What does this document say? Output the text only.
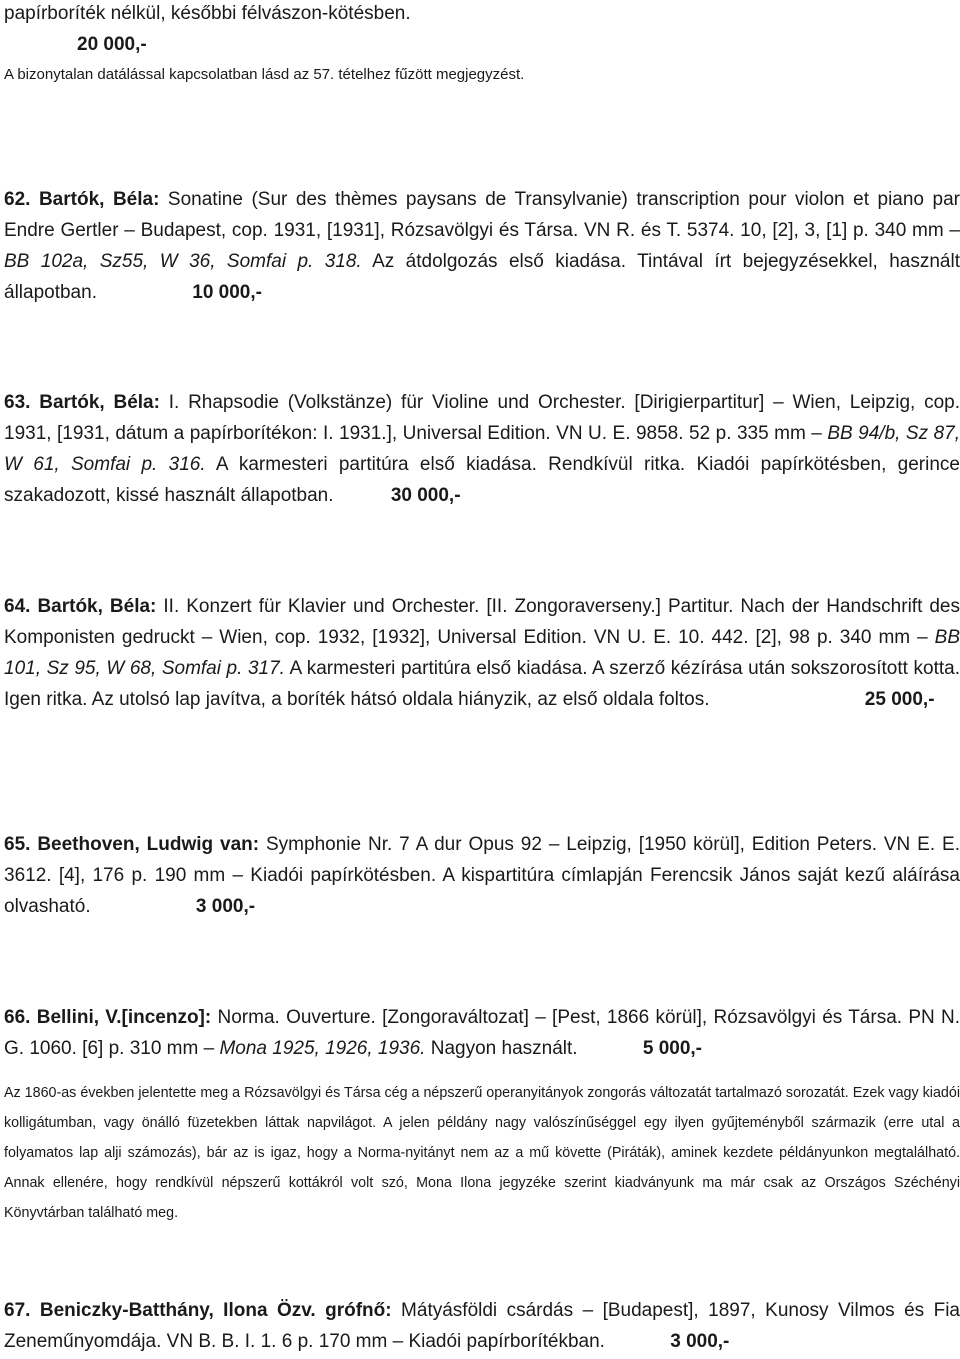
papírboríték nélkül, későbbi félvászon-kötésben.
20 000,-
A bizonytalan datálással kapcsolatban lásd az 57. tételhez fűzött megjegyzést.

62. Bartók, Béla: Sonatine (Sur des thèmes paysans de Transylvanie) transcription pour violon et piano par Endre Gertler – Budapest, cop. 1931, [1931], Rózsavölgyi és Társa. VN R. és T. 5374. 10, [2], 3, [1] p. 340 mm – BB 102a, Sz55, W 36, Somfai p. 318. Az átdolgozás első kiadása. Tintával írt bejegyzésekkel, használt állapotban.	10 000,-

63. Bartók, Béla: I. Rhapsodie (Volkstänze) für Violine und Orchester. [Dirigierpartitur] – Wien, Leipzig, cop. 1931, [1931, dátum a papírborítékon: I. 1931.], Universal Edition. VN U. E. 9858. 52 p. 335 mm – BB 94/b, Sz 87, W 61, Somfai p. 316. A karmesteri partitúra első kiadása. Rendkívül ritka. Kiadói papírkötésben, gerince szakadozott, kissé használt állapotban.	30 000,-

64. Bartók, Béla: II. Konzert für Klavier und Orchester. [II. Zongoraverseny.] Partitur. Nach der Handschrift des Komponisten gedruckt – Wien, cop. 1932, [1932], Universal Edition. VN U. E. 10. 442. [2], 98 p. 340 mm – BB 101, Sz 95, W 68, Somfai p. 317. A karmesteri partitúra első kiadása. A szerző kézírása után sokszorosított kotta. Igen ritka. Az utolsó lap javítva, a boríték hátsó oldala hiányzik, az első oldala foltos.	25 000,-

65. Beethoven, Ludwig van: Symphonie Nr. 7 A dur Opus 92 – Leipzig, [1950 körül], Edition Peters. VN E. E. 3612. [4], 176 p. 190 mm – Kiadói papírkötésben. A kispartitúra címlapján Ferencsik János saját kezű aláírása olvasható.	3 000,-

66. Bellini, V.[incenzo]: Norma. Ouverture. [Zongoraváltozat] – [Pest, 1866 körül], Rózsavölgyi és Társa. PN N. G. 1060. [6] p. 310 mm – Mona 1925, 1926, 1936. Nagyon használt.	5 000,-

Az 1860-as években jelentette meg a Rózsavölgyi és Társa cég a népszerű operanyitányok zongorás változatát tartalmazó sorozatát. Ezek vagy kiadói kolligátumban, vagy önálló füzetekben láttak napvilágot. A jelen példány nagy valószínűséggel egy ilyen gyűjteményből származik (erre utal a folyamatos lap alji számozás), bár az is igaz, hogy a Norma-nyitányt nem az a mű követte (Piráták), aminek kezdete példányunkon megtalálható. Annak ellenére, hogy rendkívül népszerű kottákról volt szó, Mona Ilona jegyzéke szerint kiadványunk ma már csak az Országos Széchényi Könyvtárban található meg.

67. Beniczky-Batthány, Ilona Özv. grófnő: Mátyásföldi csárdás – [Budapest], 1897, Kunosy Vilmos és Fia Zeneműnyomdája. VN B. B. I. 1. 6 p. 170 mm – Kiadói papírborítékban.	3 000,-
